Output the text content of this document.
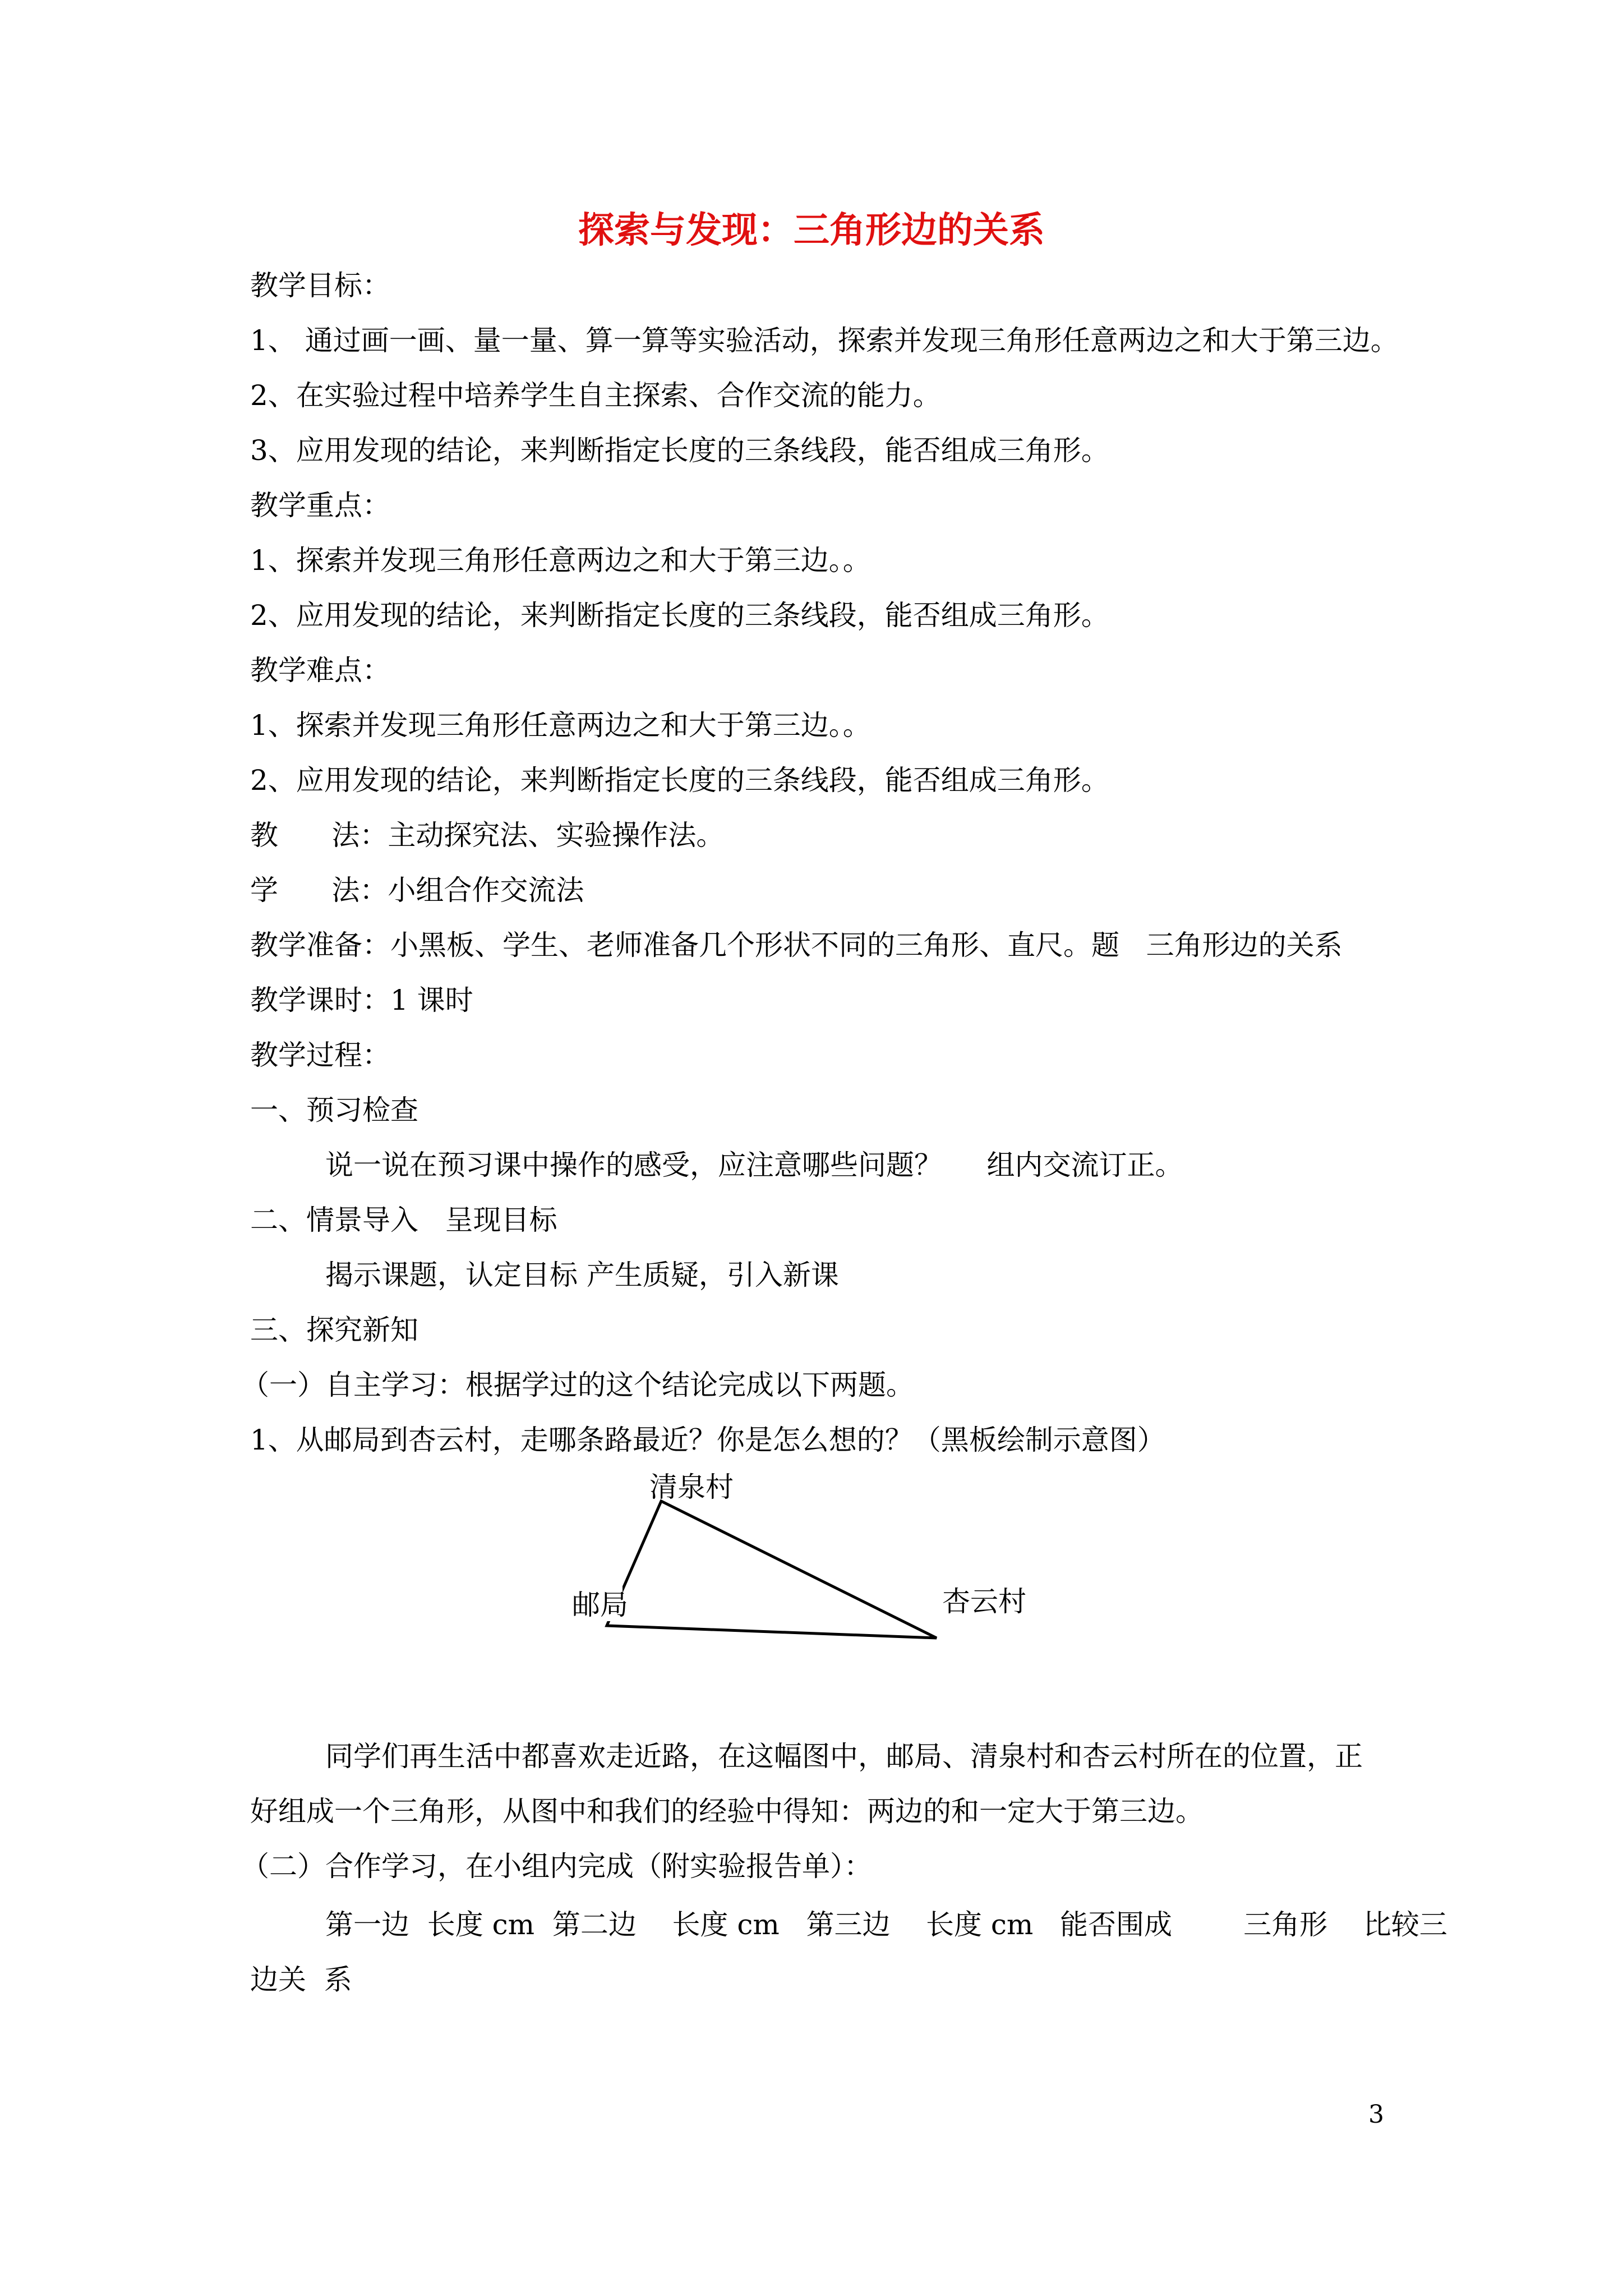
探索与发现：三角形边的关系

教学目标：

1、 通过画一画、量一量、算一算等实验活动，探索并发现三角形任意两边之和大于第三边。

2、在实验过程中培养学生自主探索、合作交流的能力。

3、应用发现的结论，来判断指定长度的三条线段，能否组成三角形。

教学重点：

1、探索并发现三角形任意两边之和大于第三边。。

2、应用发现的结论，来判断指定长度的三条线段，能否组成三角形。

教学难点：

1、探索并发现三角形任意两边之和大于第三边。。

2、应用发现的结论，来判断指定长度的三条线段，能否组成三角形。

教      法：主动探究法、实验操作法。

学      法：小组合作交流法

教学准备：小黑板、学生、老师准备几个形状不同的三角形、直尺。题   三角形边的关系

教学课时：1 课时

教学过程：

一、预习检查

说一说在预习课中操作的感受，应注意哪些问题？     组内交流订正。

二、情景导入   呈现目标

揭示课题，认定目标 产生质疑，引入新课

三、探究新知

（一）自主学习：根据学过的这个结论完成以下两题。

1、从邮局到杏云村，走哪条路最近？你是怎么想的？（黑板绘制示意图）

清泉村
邮局	杏云村

同学们再生活中都喜欢走近路，在这幅图中，邮局、清泉村和杏云村所在的位置，正

好组成一个三角形，从图中和我们的经验中得知：两边的和一定大于第三边。

（二）合作学习，在小组内完成（附实验报告单）：

第一边  长度 cm  第二边    长度 cm   第三边    长度 cm   能否围成        三角形    比较三

边关  系

3
